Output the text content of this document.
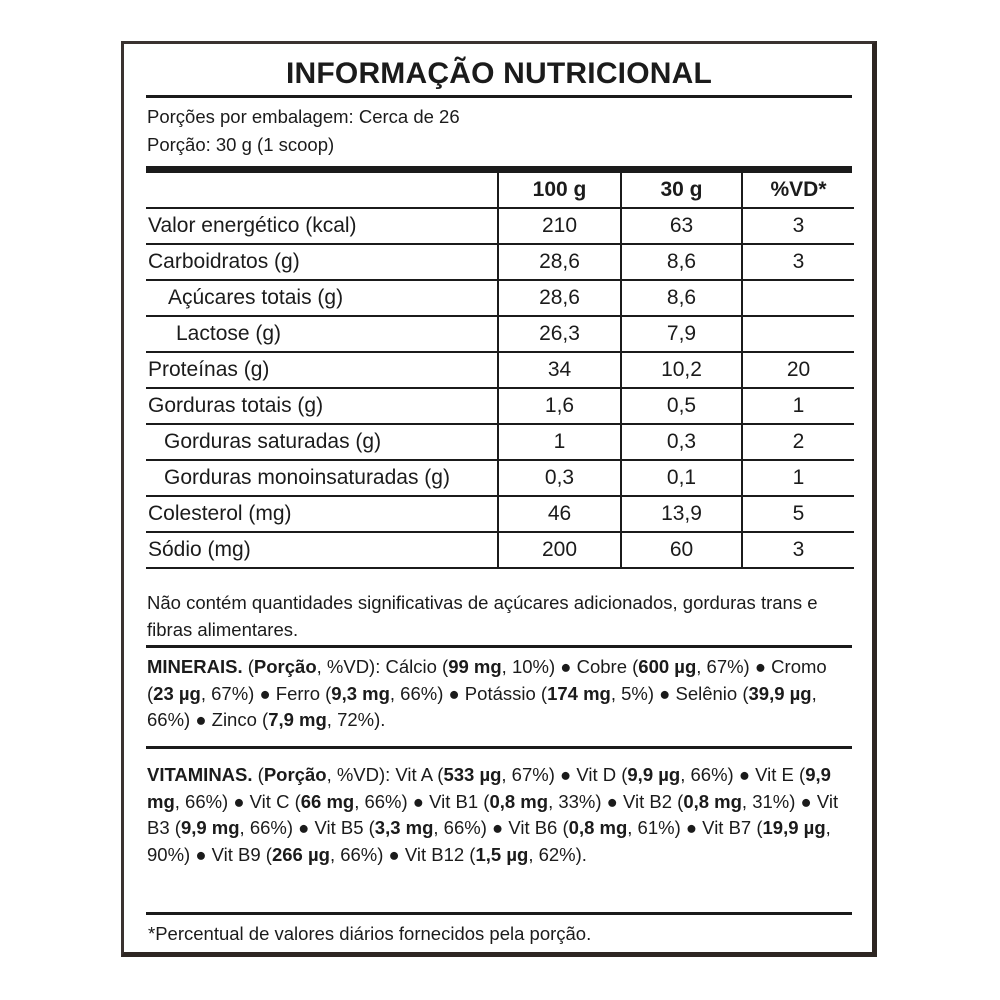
INFORMAÇÃO NUTRICIONAL
Porções por embalagem: Cerca de 26
Porção: 30 g (1 scoop)
	100 g	30 g	%VD*
Valor energético (kcal)	210	63	3
Carboidratos (g)	28,6	8,6	3
Açúcares totais (g)	28,6	8,6	
Lactose (g)	26,3	7,9	
Proteínas (g)	34	10,2	20
Gorduras totais (g)	1,6	0,5	1
Gorduras saturadas (g)	1	0,3	2
Gorduras monoinsaturadas (g)	0,3	0,1	1
Colesterol (mg)	46	13,9	5
Sódio (mg)	200	60	3
Não contém quantidades significativas de açúcares adicionados, gorduras trans e fibras alimentares.
MINERAIS. (Porção, %VD): Cálcio (99 mg, 10%) ● Cobre (600 µg, 67%) ● Cromo (23 µg, 67%) ● Ferro (9,3 mg, 66%) ● Potássio (174 mg, 5%) ● Selênio (39,9 µg, 66%) ● Zinco (7,9 mg, 72%).
VITAMINAS. (Porção, %VD): Vit A (533 µg, 67%) ● Vit D (9,9 µg, 66%) ● Vit E (9,9 mg, 66%) ● Vit C (66 mg, 66%) ● Vit B1 (0,8 mg, 33%) ● Vit B2 (0,8 mg, 31%) ● Vit B3 (9,9 mg, 66%) ● Vit B5 (3,3 mg, 66%) ● Vit B6 (0,8 mg, 61%) ● Vit B7 (19,9 µg, 90%) ● Vit B9 (266 µg, 66%) ● Vit B12 (1,5 µg, 62%).
*Percentual de valores diários fornecidos pela porção.
